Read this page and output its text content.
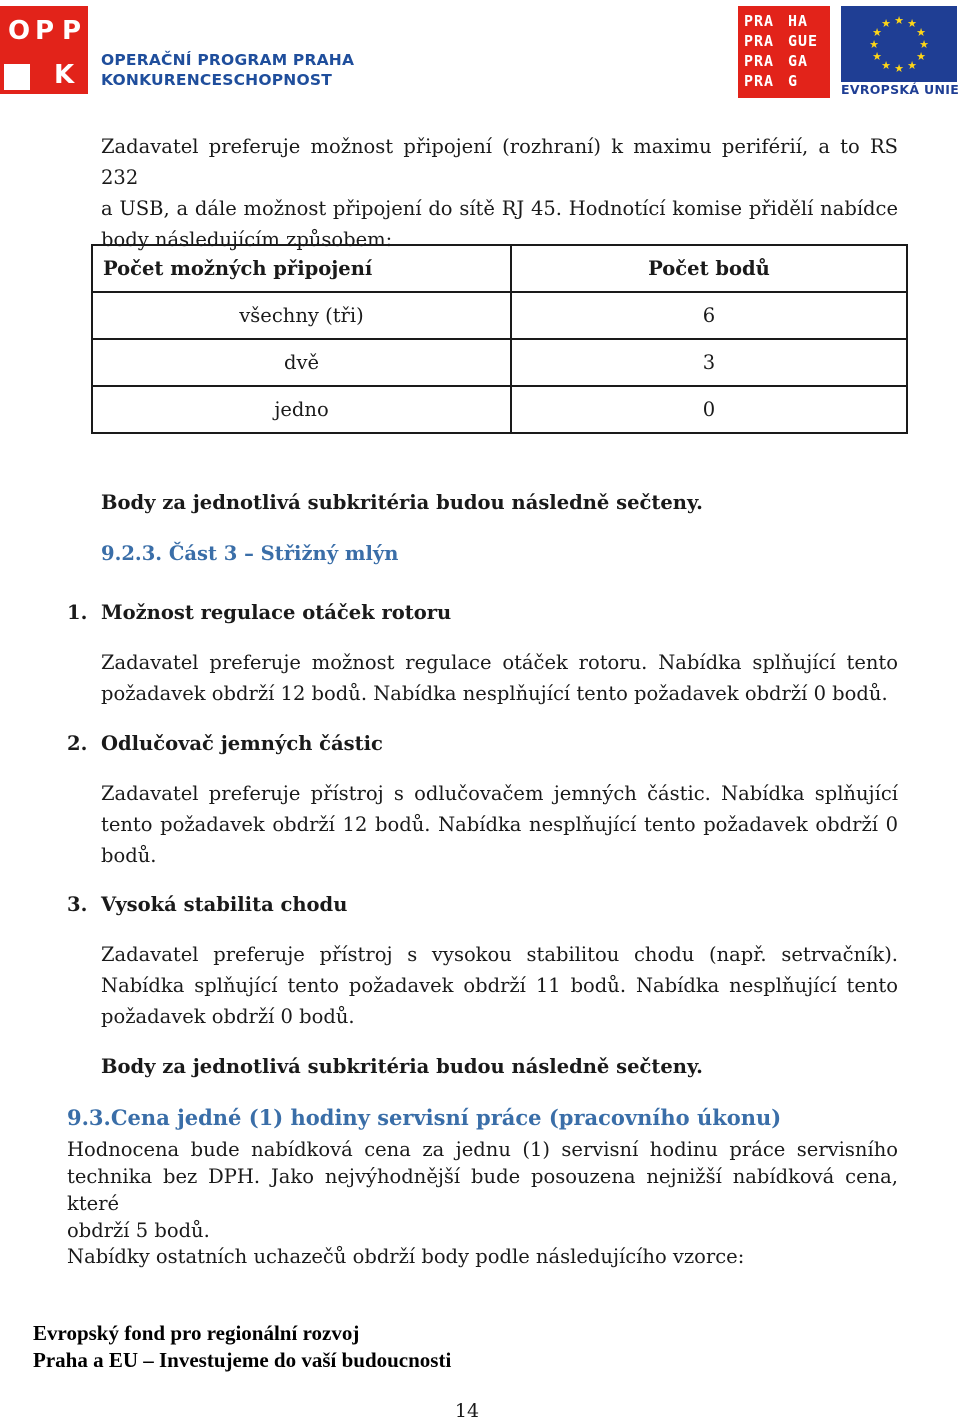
O P P
K OPERAČNÍ PROGRAM PRAHA
KONKURENCESCHOPNOST
PRA HA
PRA GUE
PRA GA
PRA G
★ ★
★
★
★
★
★
★
★
★
★
★
EVROPSKÁ UNIE
Zadavatel preferuje možnost připojení (rozhraní) k maximu periférií, a to RS 232
a USB, a dále možnost připojení do sítě RJ 45. Hodnotící komise přidělí nabídce
body následujícím způsobem:
Počet možných připojení	Počet bodů
všechny (tři)	6
dvě	3
jedno	0
Body za jednotlivá subkritéria budou následně sečteny.
9.2.3. Část 3 – Střižný mlýn
1. Možnost regulace otáček rotoru
Zadavatel preferuje možnost regulace otáček rotoru. Nabídka splňující tento
požadavek obdrží 12 bodů. Nabídka nesplňující tento požadavek obdrží 0 bodů.
2. Odlučovač jemných částic
Zadavatel preferuje přístroj s odlučovačem jemných částic. Nabídka splňující
tento požadavek obdrží 12 bodů. Nabídka nesplňující tento požadavek obdrží 0
bodů.
3. Vysoká stabilita chodu
Zadavatel preferuje přístroj s vysokou stabilitou chodu (např. setrvačník).
Nabídka splňující tento požadavek obdrží 11 bodů. Nabídka nesplňující tento
požadavek obdrží 0 bodů.
Body za jednotlivá subkritéria budou následně sečteny.
9.3.Cena jedné (1) hodiny servisní práce (pracovního úkonu)
Hodnocena bude nabídková cena za jednu (1) servisní hodinu práce servisního
technika bez DPH. Jako nejvýhodnější bude posouzena nejnižší nabídková cena, které
obdrží 5 bodů.
Nabídky ostatních uchazečů obdrží body podle následujícího vzorce:
Evropský fond pro regionální rozvoj
Praha a EU – Investujeme do vaší budoucnosti
14
